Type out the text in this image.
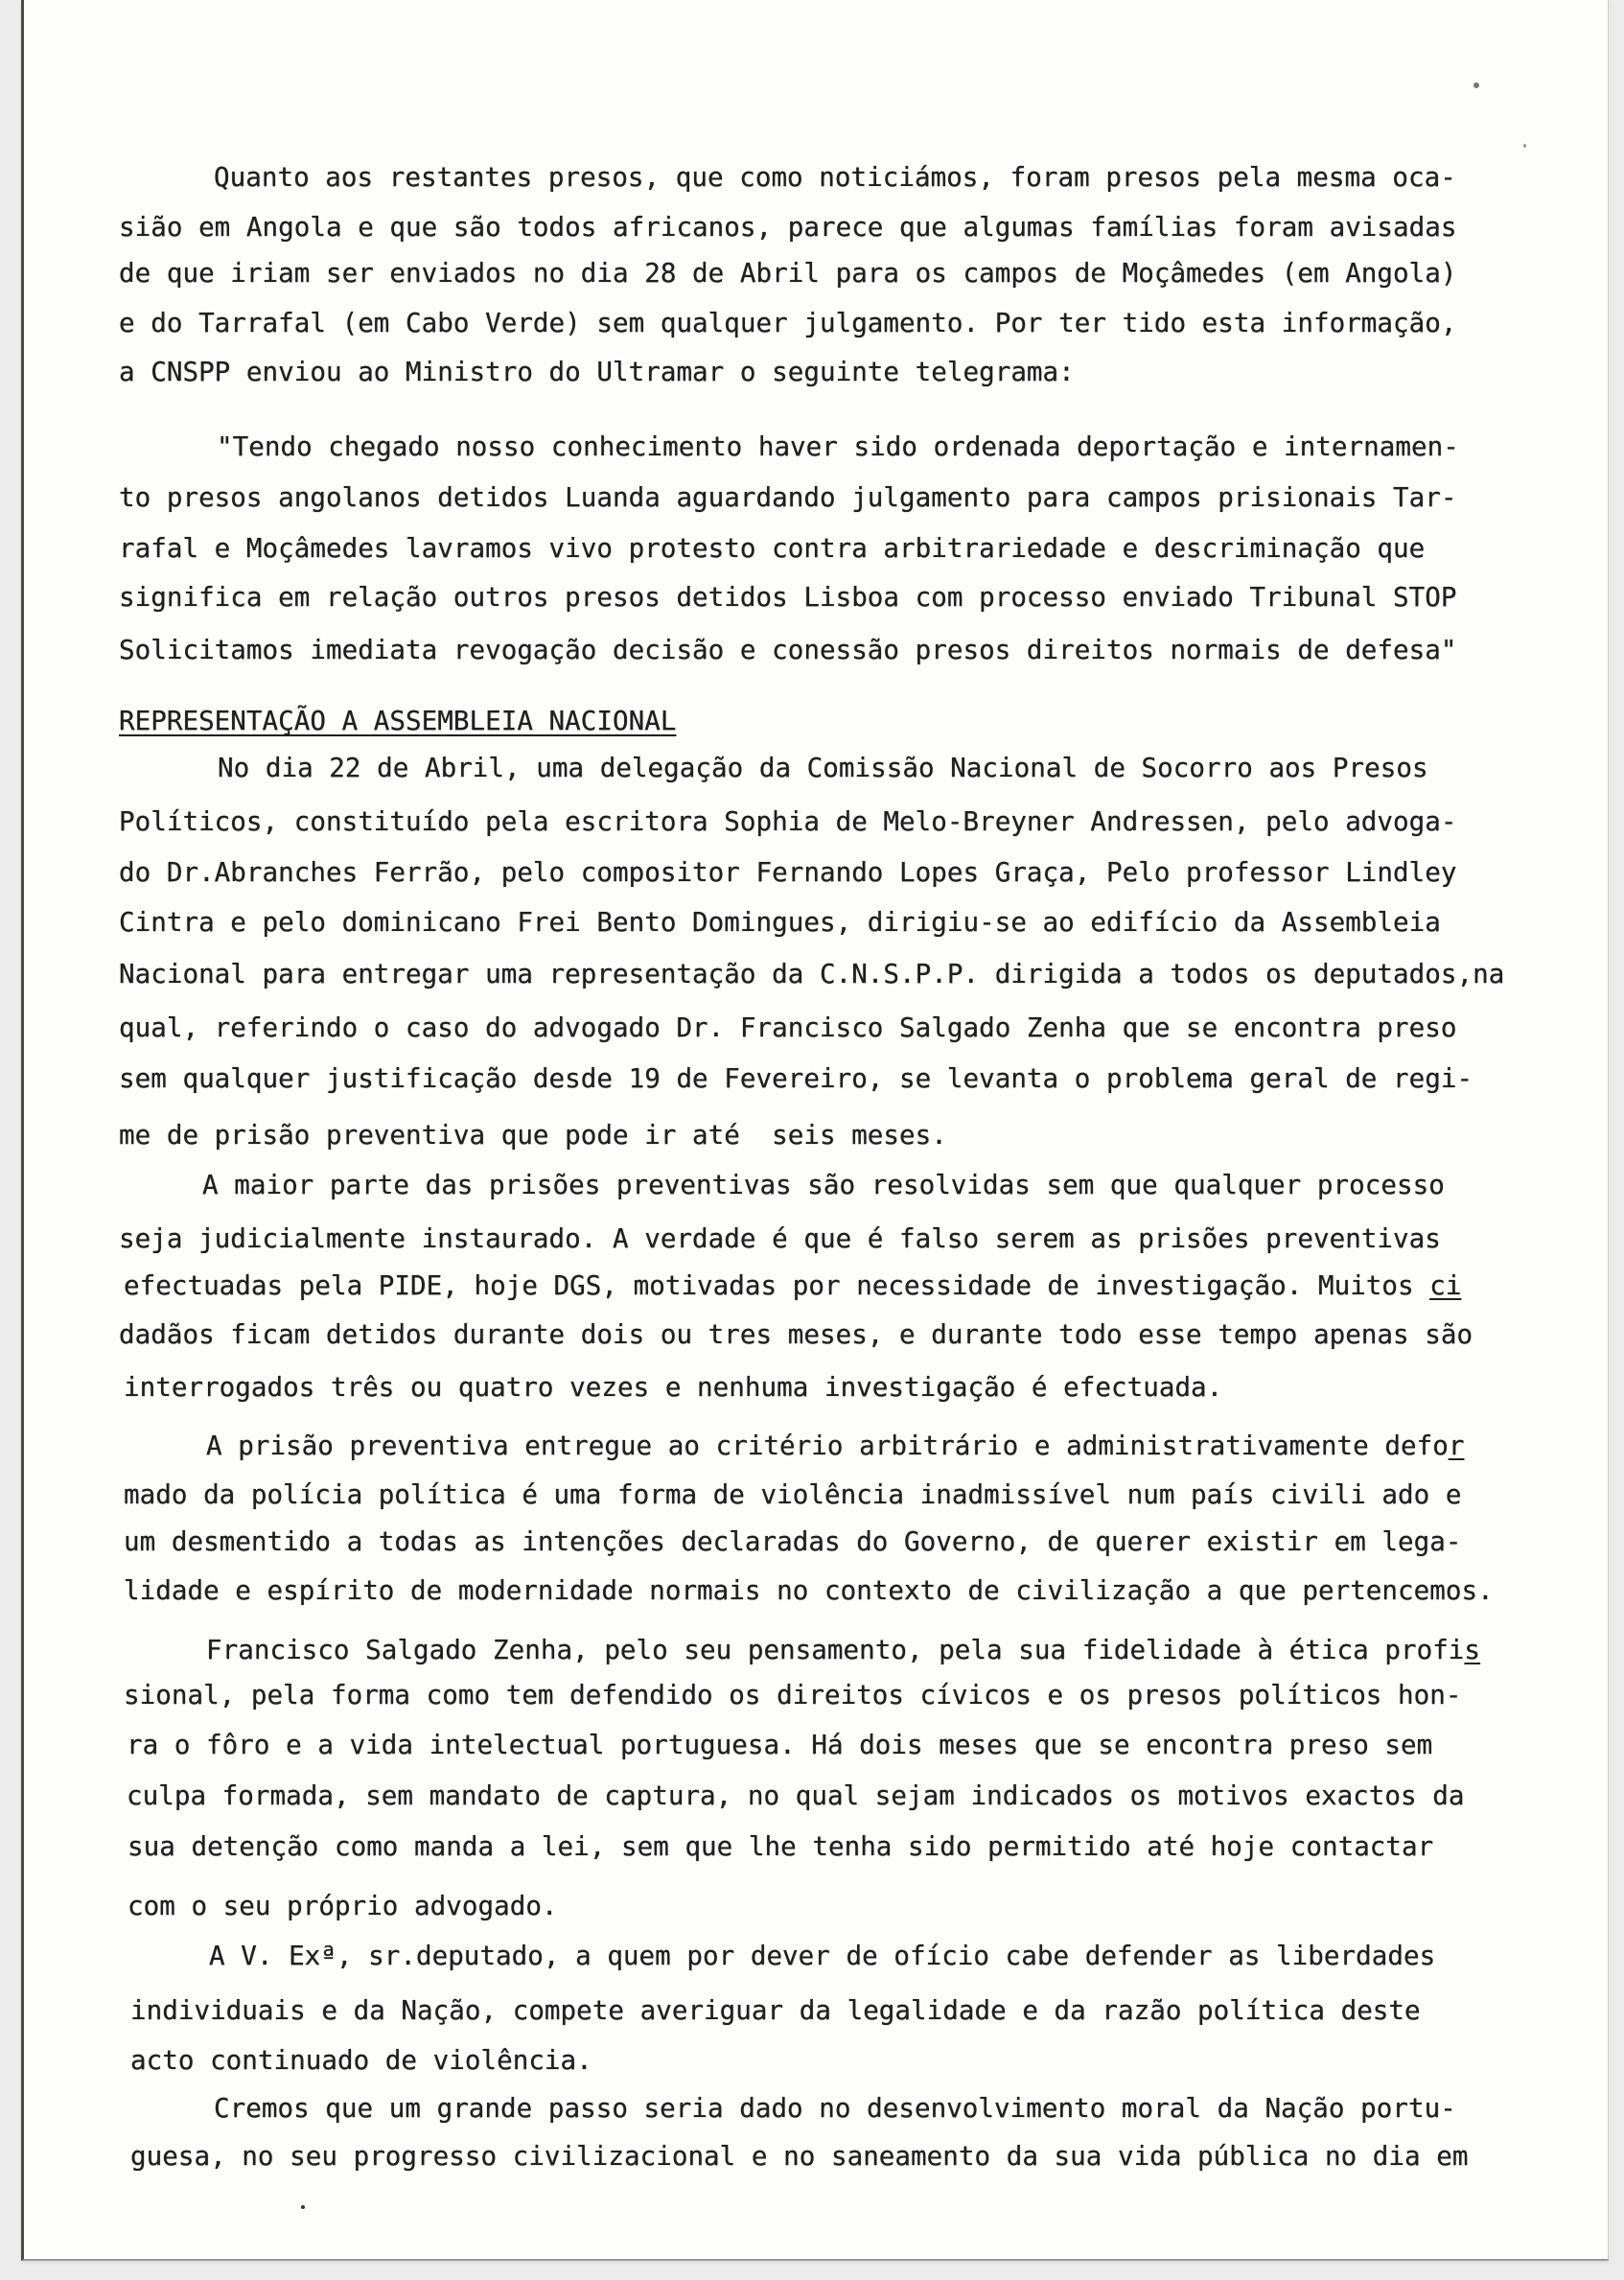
Quanto aos restantes presos, que como noticiámos, foram presos pela mesma oca-
sião em Angola e que são todos africanos, parece que algumas famílias foram avisadas
de que iriam ser enviados no dia 28 de Abril para os campos de Moçâmedes (em Angola)
e do Tarrafal (em Cabo Verde) sem qualquer julgamento. Por ter tido esta informação,
a CNSPP enviou ao Ministro do Ultramar o seguinte telegrama:
"Tendo chegado nosso conhecimento haver sido ordenada deportação e internamen-
to presos angolanos detidos Luanda aguardando julgamento para campos prisionais Tar-
rafal e Moçâmedes lavramos vivo protesto contra arbitrariedade e descriminação que
significa em relação outros presos detidos Lisboa com processo enviado Tribunal STOP
Solicitamos imediata revogação decisão e conessão presos direitos normais de defesa"
REPRESENTAÇÃO A ASSEMBLEIA NACIONAL
No dia 22 de Abril, uma delegação da Comissão Nacional de Socorro aos Presos
Políticos, constituído pela escritora Sophia de Melo-Breyner Andressen, pelo advoga-
do Dr.Abranches Ferrão, pelo compositor Fernando Lopes Graça, Pelo professor Lindley
Cintra e pelo dominicano Frei Bento Domingues, dirigiu-se ao edifício da Assembleia
Nacional para entregar uma representação da C.N.S.P.P. dirigida a todos os deputados,na
qual, referindo o caso do advogado Dr. Francisco Salgado Zenha que se encontra preso
sem qualquer justificação desde 19 de Fevereiro, se levanta o problema geral de regi-
me de prisão preventiva que pode ir até  seis meses.
A maior parte das prisões preventivas são resolvidas sem que qualquer processo
seja judicialmente instaurado. A verdade é que é falso serem as prisões preventivas
efectuadas pela PIDE, hoje DGS, motivadas por necessidade de investigação. Muitos ci
dadãos ficam detidos durante dois ou tres meses, e durante todo esse tempo apenas são
interrogados três ou quatro vezes e nenhuma investigação é efectuada.
A prisão preventiva entregue ao critério arbitrário e administrativamente defor
mado da polícia política é uma forma de violência inadmissível num país civili ado e
um desmentido a todas as intenções declaradas do Governo, de querer existir em lega-
lidade e espírito de modernidade normais no contexto de civilização a que pertencemos.
Francisco Salgado Zenha, pelo seu pensamento, pela sua fidelidade à ética profis
sional, pela forma como tem defendido os direitos cívicos e os presos políticos hon-
ra o fôro e a vida intelectual portuguesa. Há dois meses que se encontra preso sem
culpa formada, sem mandato de captura, no qual sejam indicados os motivos exactos da
sua detenção como manda a lei, sem que lhe tenha sido permitido até hoje contactar
com o seu próprio advogado.
A V. Exª, sr.deputado, a quem por dever de ofício cabe defender as liberdades
individuais e da Nação, compete averiguar da legalidade e da razão política deste
acto continuado de violência.
Cremos que um grande passo seria dado no desenvolvimento moral da Nação portu-
guesa, no seu progresso civilizacional e no saneamento da sua vida pública no dia em
